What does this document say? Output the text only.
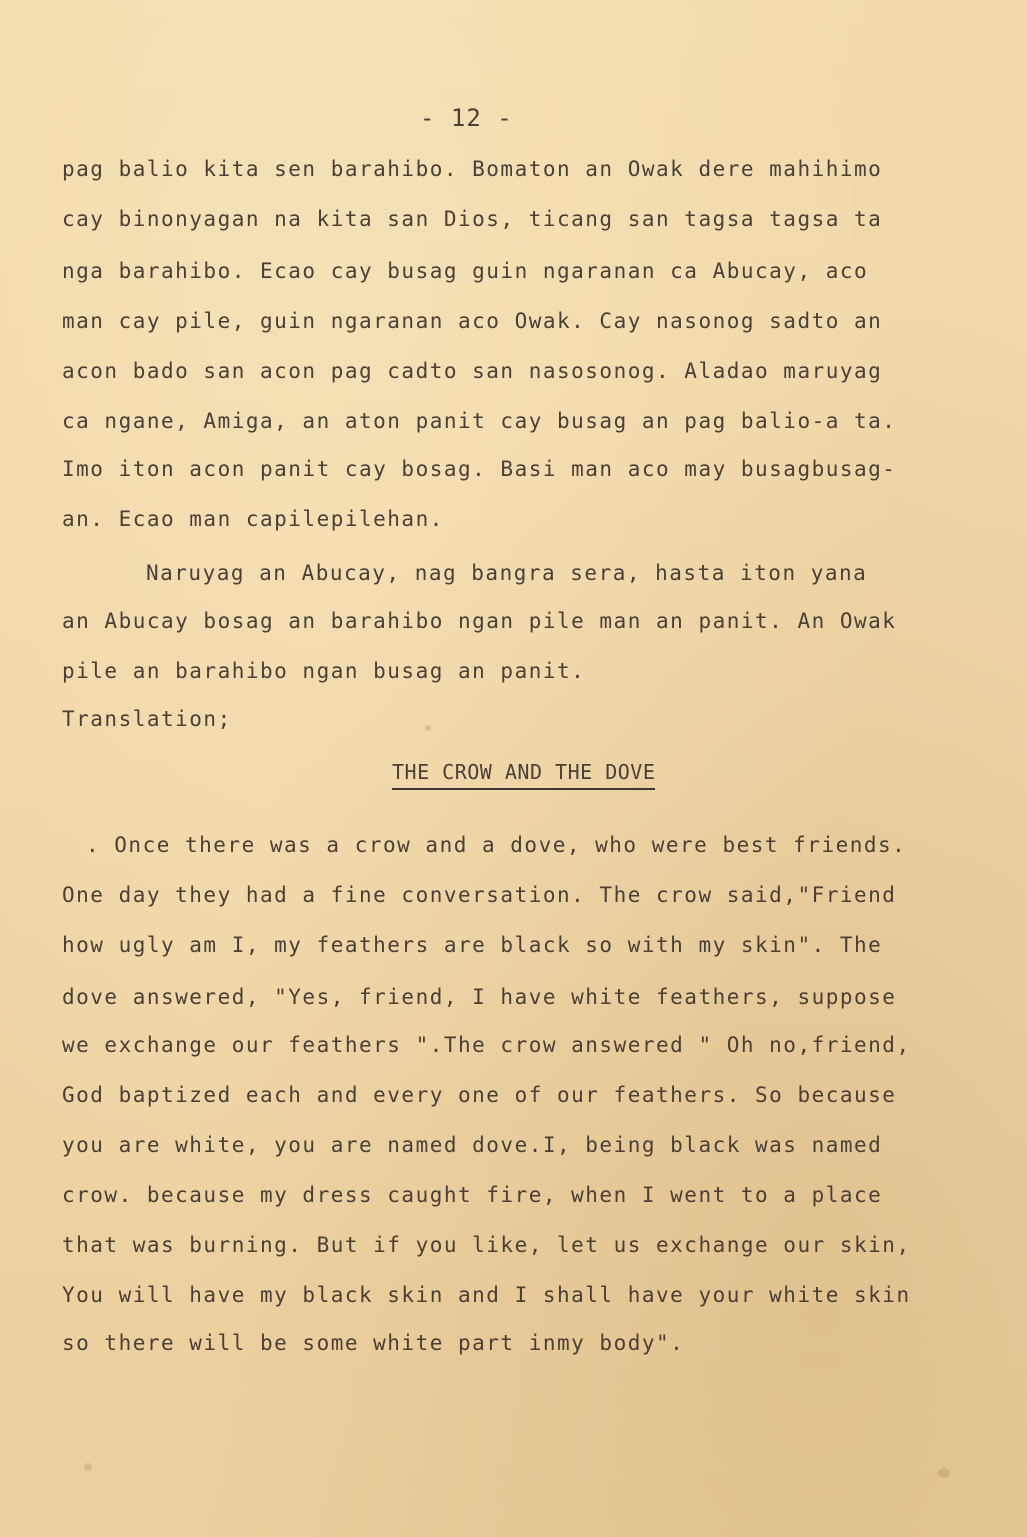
- 12 -
pag balio kita sen barahibo. Bomaton an Owak dere mahihimo
cay binonyagan na kita san Dios, ticang san tagsa tagsa ta
nga barahibo. Ecao cay busag guin ngaranan ca Abucay, aco
man cay pile, guin ngaranan aco Owak. Cay nasonog sadto an
acon bado san acon pag cadto san nasosonog. Aladao maruyag
ca ngane, Amiga, an aton panit cay busag an pag balio-a ta.
Imo iton acon panit cay bosag. Basi man aco may busagbusag-
an. Ecao man capilepilehan.
Naruyag an Abucay, nag bangra sera, hasta iton yana
an Abucay bosag an barahibo ngan pile man an panit. An Owak
pile an barahibo ngan busag an panit.
Translation;
THE CROW AND THE DOVE
. Once there was a crow and a dove, who were best friends.
One day they had a fine conversation. The crow said,"Friend
how ugly am I, my feathers are black so with my skin". The
dove answered, "Yes, friend, I have white feathers, suppose
we exchange our feathers ".The crow answered " Oh no,friend,
God baptized each and every one of our feathers. So because
you are white, you are named dove.I, being black was named
crow. because my dress caught fire, when I went to a place
that was burning. But if you like, let us exchange our skin,
You will have my black skin and I shall have your white skin
so there will be some white part inmy body".
